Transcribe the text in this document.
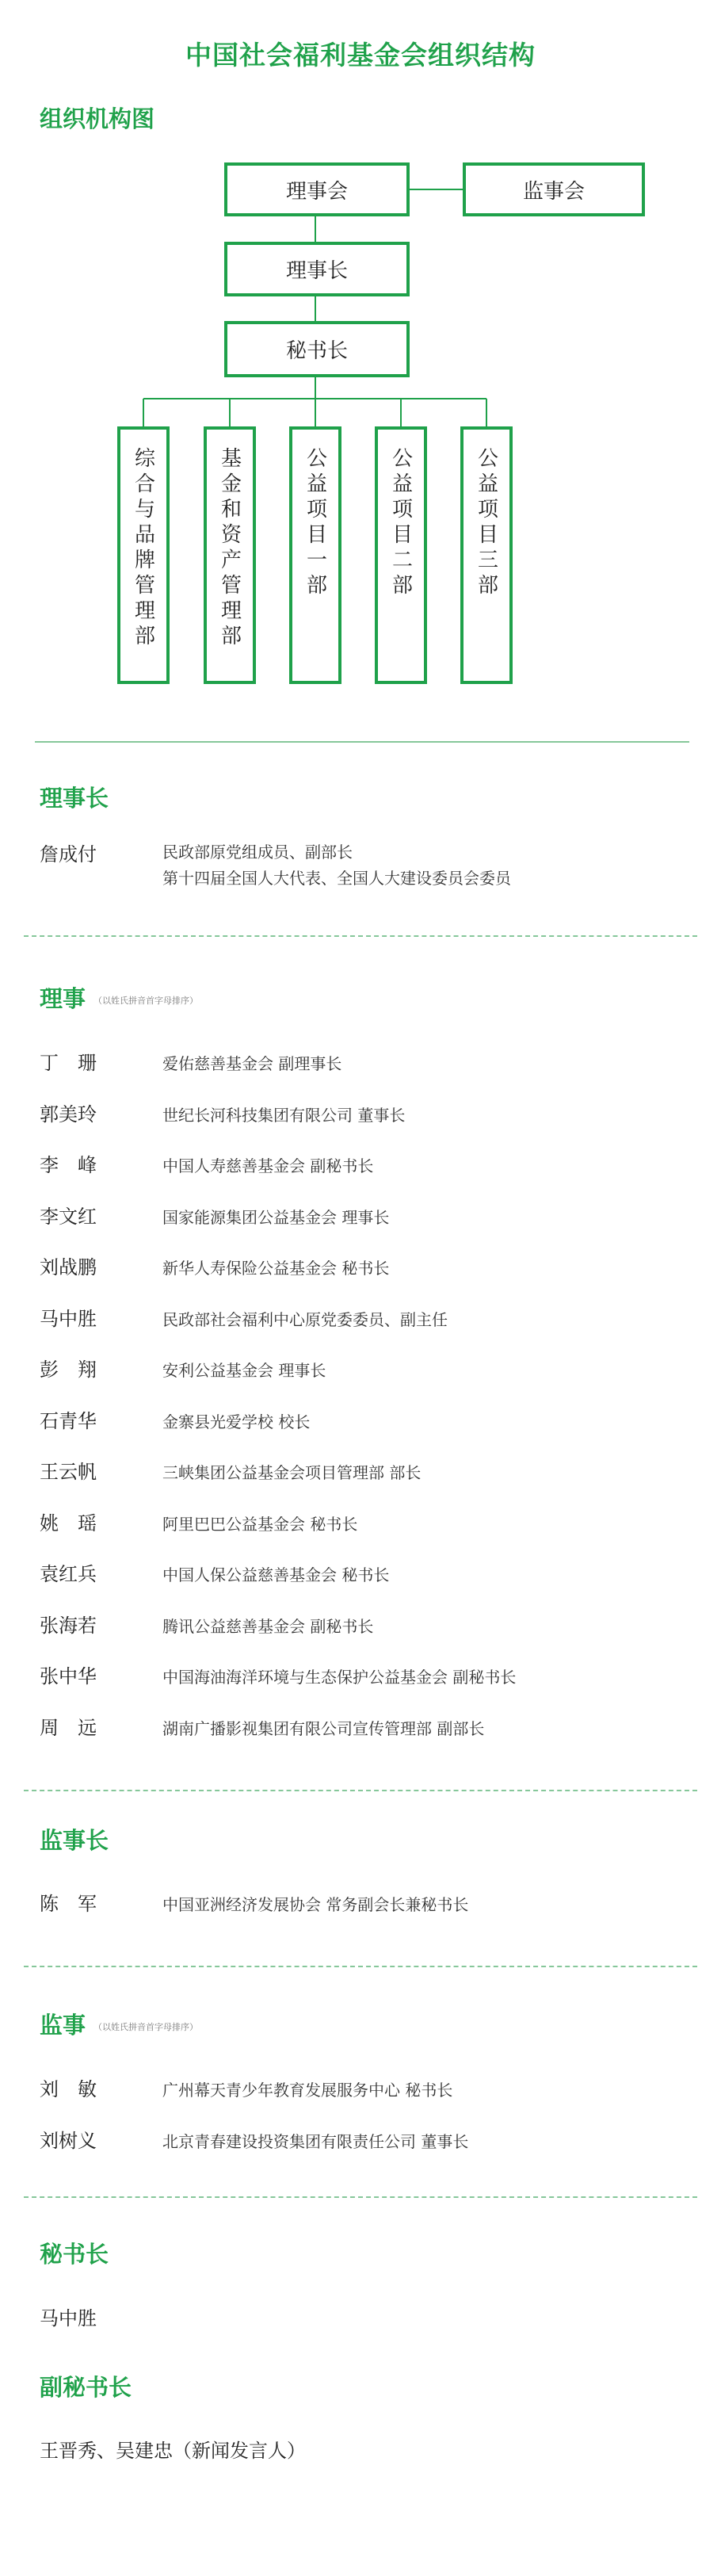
中国社会福利基金会组织结构
组织机构图
理事会	监事会
理事长
秘书长
综合与品牌管理部	基金和资产管理部	公益项目一部	公益项目二部	公益项目三部
理事长
詹成付	民政部原党组成员、副部长
第十四届全国人大代表、全国人大建设委员会委员
理事 （以姓氏拼音首字母排序）
丁　珊	爱佑慈善基金会 副理事长
郭美玲	世纪长河科技集团有限公司 董事长
李　峰	中国人寿慈善基金会 副秘书长
李文红	国家能源集团公益基金会 理事长
刘战鹏	新华人寿保险公益基金会 秘书长
马中胜	民政部社会福利中心原党委委员、副主任
彭　翔	安利公益基金会 理事长
石青华	金寨县光爱学校 校长
王云帆	三峡集团公益基金会项目管理部 部长
姚　瑶	阿里巴巴公益基金会 秘书长
袁红兵	中国人保公益慈善基金会 秘书长
张海若	腾讯公益慈善基金会 副秘书长
张中华	中国海油海洋环境与生态保护公益基金会 副秘书长
周　远	湖南广播影视集团有限公司宣传管理部 副部长
监事长
陈　军	中国亚洲经济发展协会 常务副会长兼秘书长
监事 （以姓氏拼音首字母排序）
刘　敏	广州幕天青少年教育发展服务中心 秘书长
刘树义	北京青春建设投资集团有限责任公司 董事长
秘书长
马中胜
副秘书长
王晋秀、吴建忠（新闻发言人）
